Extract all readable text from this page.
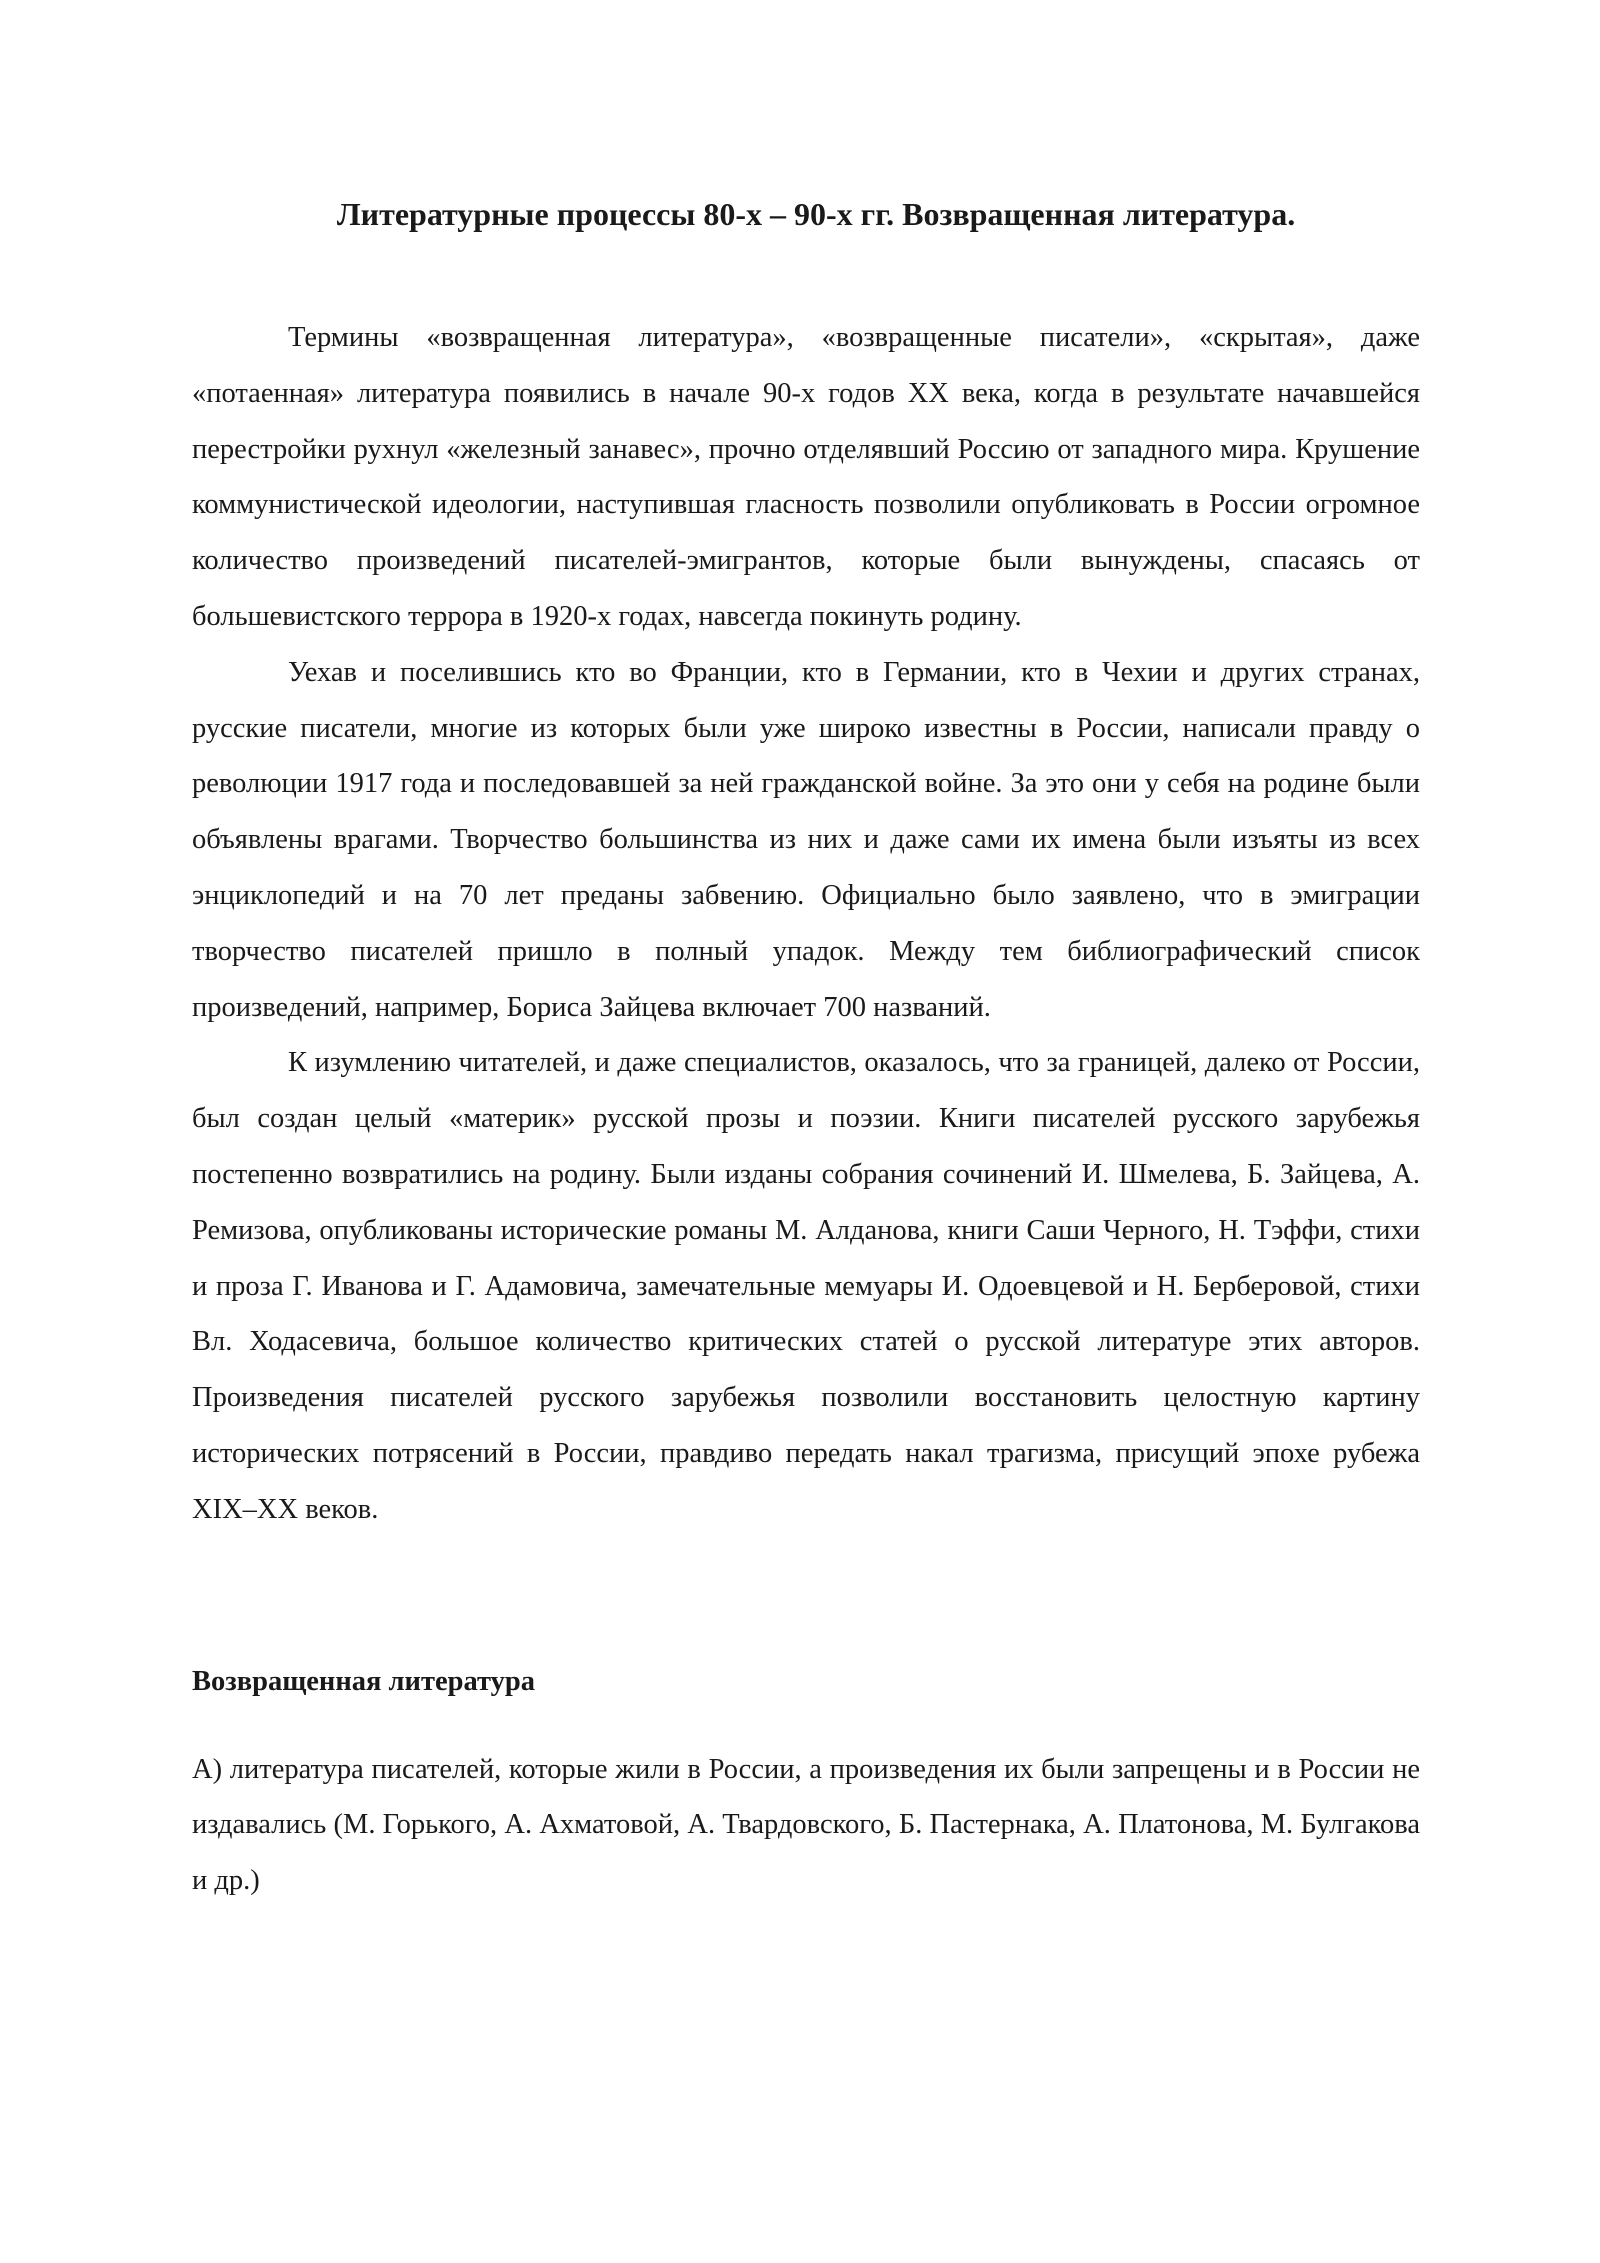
Литературные процессы 80-х – 90-х гг. Возвращенная литература.

Термины «возвращенная литература», «возвращенные писатели», «скрытая», даже «потаенная» литература появились в начале 90-х годов XX века, когда в результате начавшейся перестройки рухнул «железный занавес», прочно отделявший Россию от западного мира. Крушение коммунистической идеологии, наступившая гласность позволили опубликовать в России огромное количество произведений писателей-эмигрантов, которые были вынуждены, спасаясь от большевистского террора в 1920-х годах, навсегда покинуть родину.

Уехав и поселившись кто во Франции, кто в Германии, кто в Чехии и других странах, русские писатели, многие из которых были уже широко известны в России, написали правду о революции 1917 года и последовавшей за ней гражданской войне. За это они у себя на родине были объявлены врагами. Творчество большинства из них и даже сами их имена были изъяты из всех энциклопедий и на 70 лет преданы забвению. Официально было заявлено, что в эмиграции творчество писателей пришло в полный упадок. Между тем библиографический список произведений, например, Бориса Зайцева включает 700 названий.

К изумлению читателей, и даже специалистов, оказалось, что за границей, далеко от России, был создан целый «материк» русской прозы и поэзии. Книги писателей русского зарубежья постепенно возвратились на родину. Были изданы собрания сочинений И. Шмелева, Б. Зайцева, А. Ремизова, опубликованы исторические романы М. Алданова, книги Саши Черного, Н. Тэффи, стихи и проза Г. Иванова и Г. Адамовича, замечательные мемуары И. Одоевцевой и Н. Берберовой, стихи Вл. Ходасевича, большое количество критических статей о русской литературе этих авторов. Произведения писателей русского зарубежья позволили восстановить целостную картину исторических потрясений в России, правдиво передать накал трагизма, присущий эпохе рубежа XIX–XX веков.

Возвращенная литература

А) литература писателей, которые жили в России, а произведения их были запрещены и в России не издавались (М. Горького, А. Ахматовой, А. Твардовского, Б. Пастернака, А. Платонова, М. Булгакова и др.)
